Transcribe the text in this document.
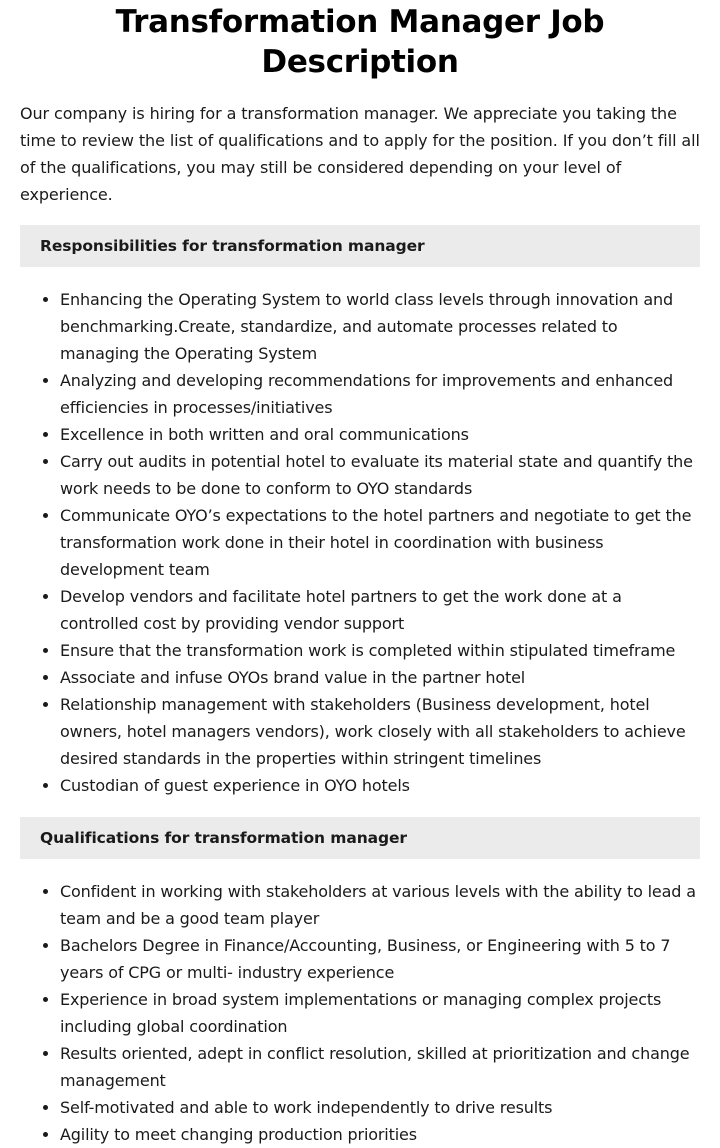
Transformation Manager Job Description

Our company is hiring for a transformation manager. We appreciate you taking the time to review the list of qualifications and to apply for the position. If you don’t fill all of the qualifications, you may still be considered depending on your level of experience.

Responsibilities for transformation manager
Enhancing the Operating System to world class levels through innovation and benchmarking.Create, standardize, and automate processes related to managing the Operating System
Analyzing and developing recommendations for improvements and enhanced efficiencies in processes/initiatives
Excellence in both written and oral communications
Carry out audits in potential hotel to evaluate its material state and quantify the work needs to be done to conform to OYO standards
Communicate OYO’s expectations to the hotel partners and negotiate to get the transformation work done in their hotel in coordination with business development team
Develop vendors and facilitate hotel partners to get the work done at a controlled cost by providing vendor support
Ensure that the transformation work is completed within stipulated timeframe
Associate and infuse OYOs brand value in the partner hotel
Relationship management with stakeholders (Business development, hotel owners, hotel managers vendors), work closely with all stakeholders to achieve desired standards in the properties within stringent timelines
Custodian of guest experience in OYO hotels
Qualifications for transformation manager
Confident in working with stakeholders at various levels with the ability to lead a team and be a good team player
Bachelors Degree in Finance/Accounting, Business, or Engineering with 5 to 7 years of CPG or multi- industry experience
Experience in broad system implementations or managing complex projects including global coordination
Results oriented, adept in conflict resolution, skilled at prioritization and change management
Self-motivated and able to work independently to drive results
Agility to meet changing production priorities
